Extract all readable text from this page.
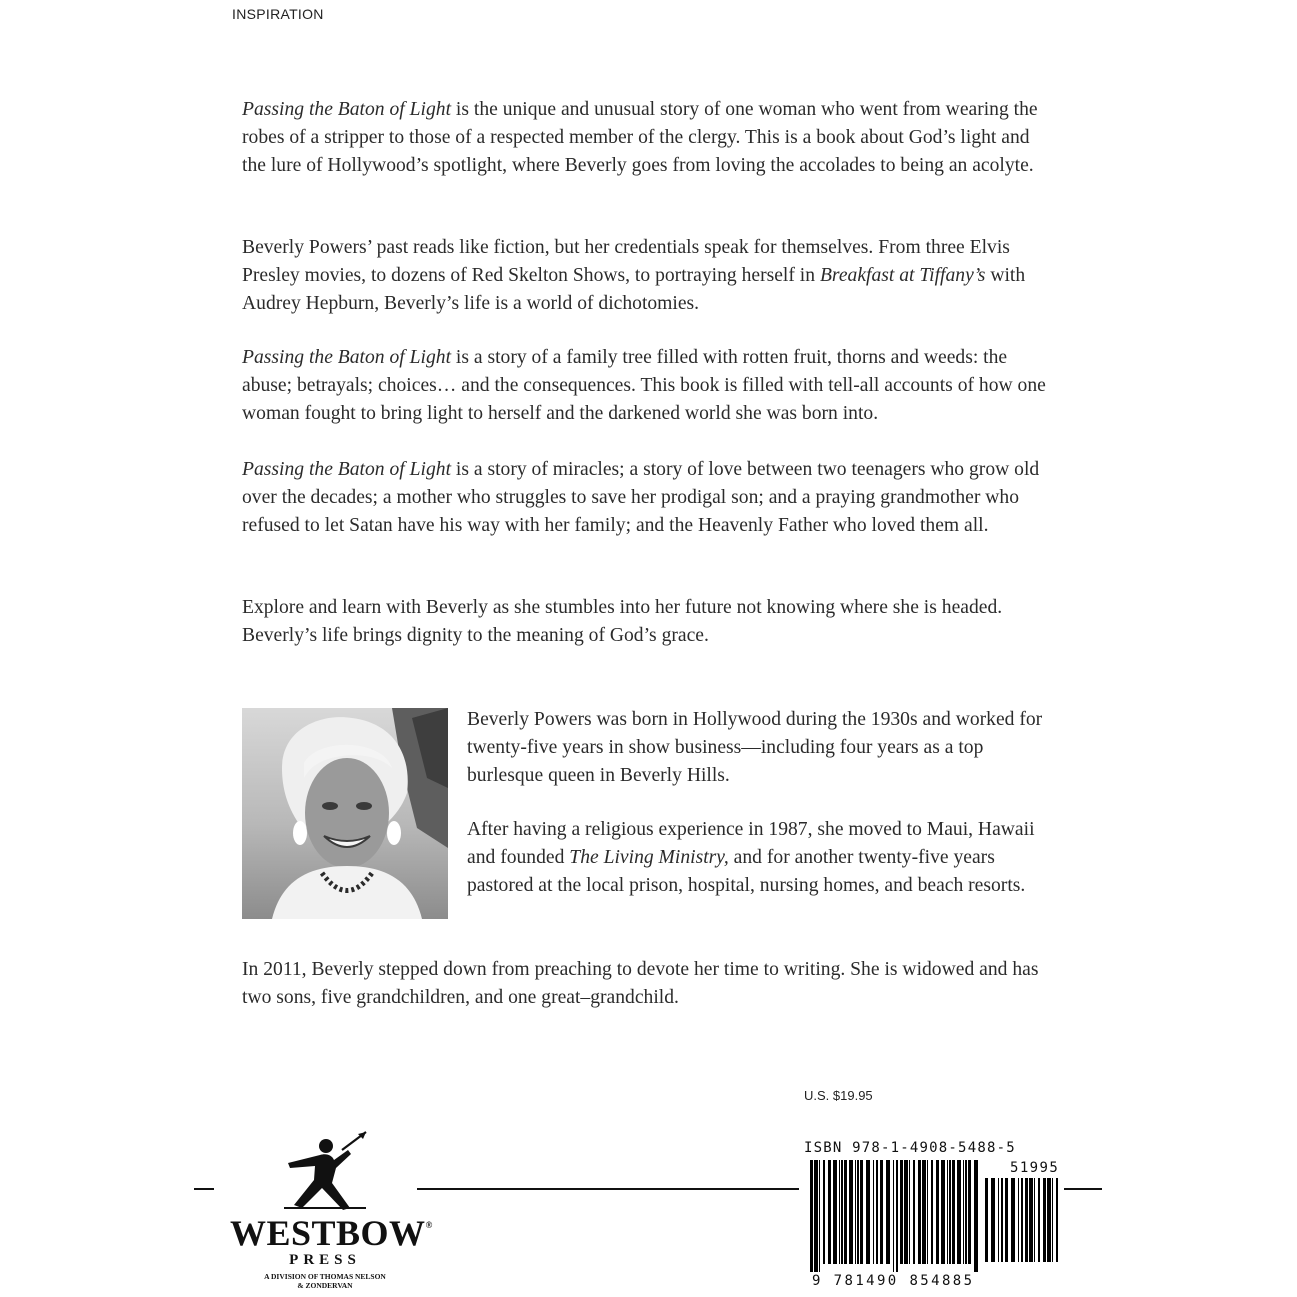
INSPIRATION

Passing the Baton of Light is the unique and unusual story of one woman who went from wearing the robes of a stripper to those of a respected member of the clergy. This is a book about God’s light and the lure of Hollywood’s spotlight, where Beverly goes from loving the accolades to being an acolyte.

Beverly Powers’ past reads like fiction, but her credentials speak for themselves. From three Elvis Presley movies, to dozens of Red Skelton Shows, to portraying herself in Breakfast at Tiffany’s with Audrey Hepburn, Beverly’s life is a world of dichotomies.

Passing the Baton of Light is a story of a family tree filled with rotten fruit, thorns and weeds: the abuse; betrayals; choices… and the consequences. This book is filled with tell-all accounts of how one woman fought to bring light to herself and the darkened world she was born into.

Passing the Baton of Light is a story of miracles; a story of love between two teenagers who grow old over the decades; a mother who struggles to save her prodigal son; and a praying grandmother who refused to let Satan have his way with her family; and the Heavenly Father who loved them all.

Explore and learn with Beverly as she stumbles into her future not knowing where she is headed. Beverly’s life brings dignity to the meaning of God’s grace.

Beverly Powers was born in Hollywood during the 1930s and worked for twenty-five years in show business—including four years as a top burlesque queen in Beverly Hills.

After having a religious experience in 1987, she moved to Maui, Hawaii and founded The Living Ministry, and for another twenty-five years pastored at the local prison, hospital, nursing homes, and beach resorts.

In 2011, Beverly stepped down from preaching to devote her time to writing. She is widowed and has two sons, five grandchildren, and one great–grandchild.

WESTBOW®
PRESS
A DIVISION OF THOMAS NELSON
& ZONDERVAN
U.S. $19.95
ISBN 978-1-4908-5488-5
51995
9 781490 854885
